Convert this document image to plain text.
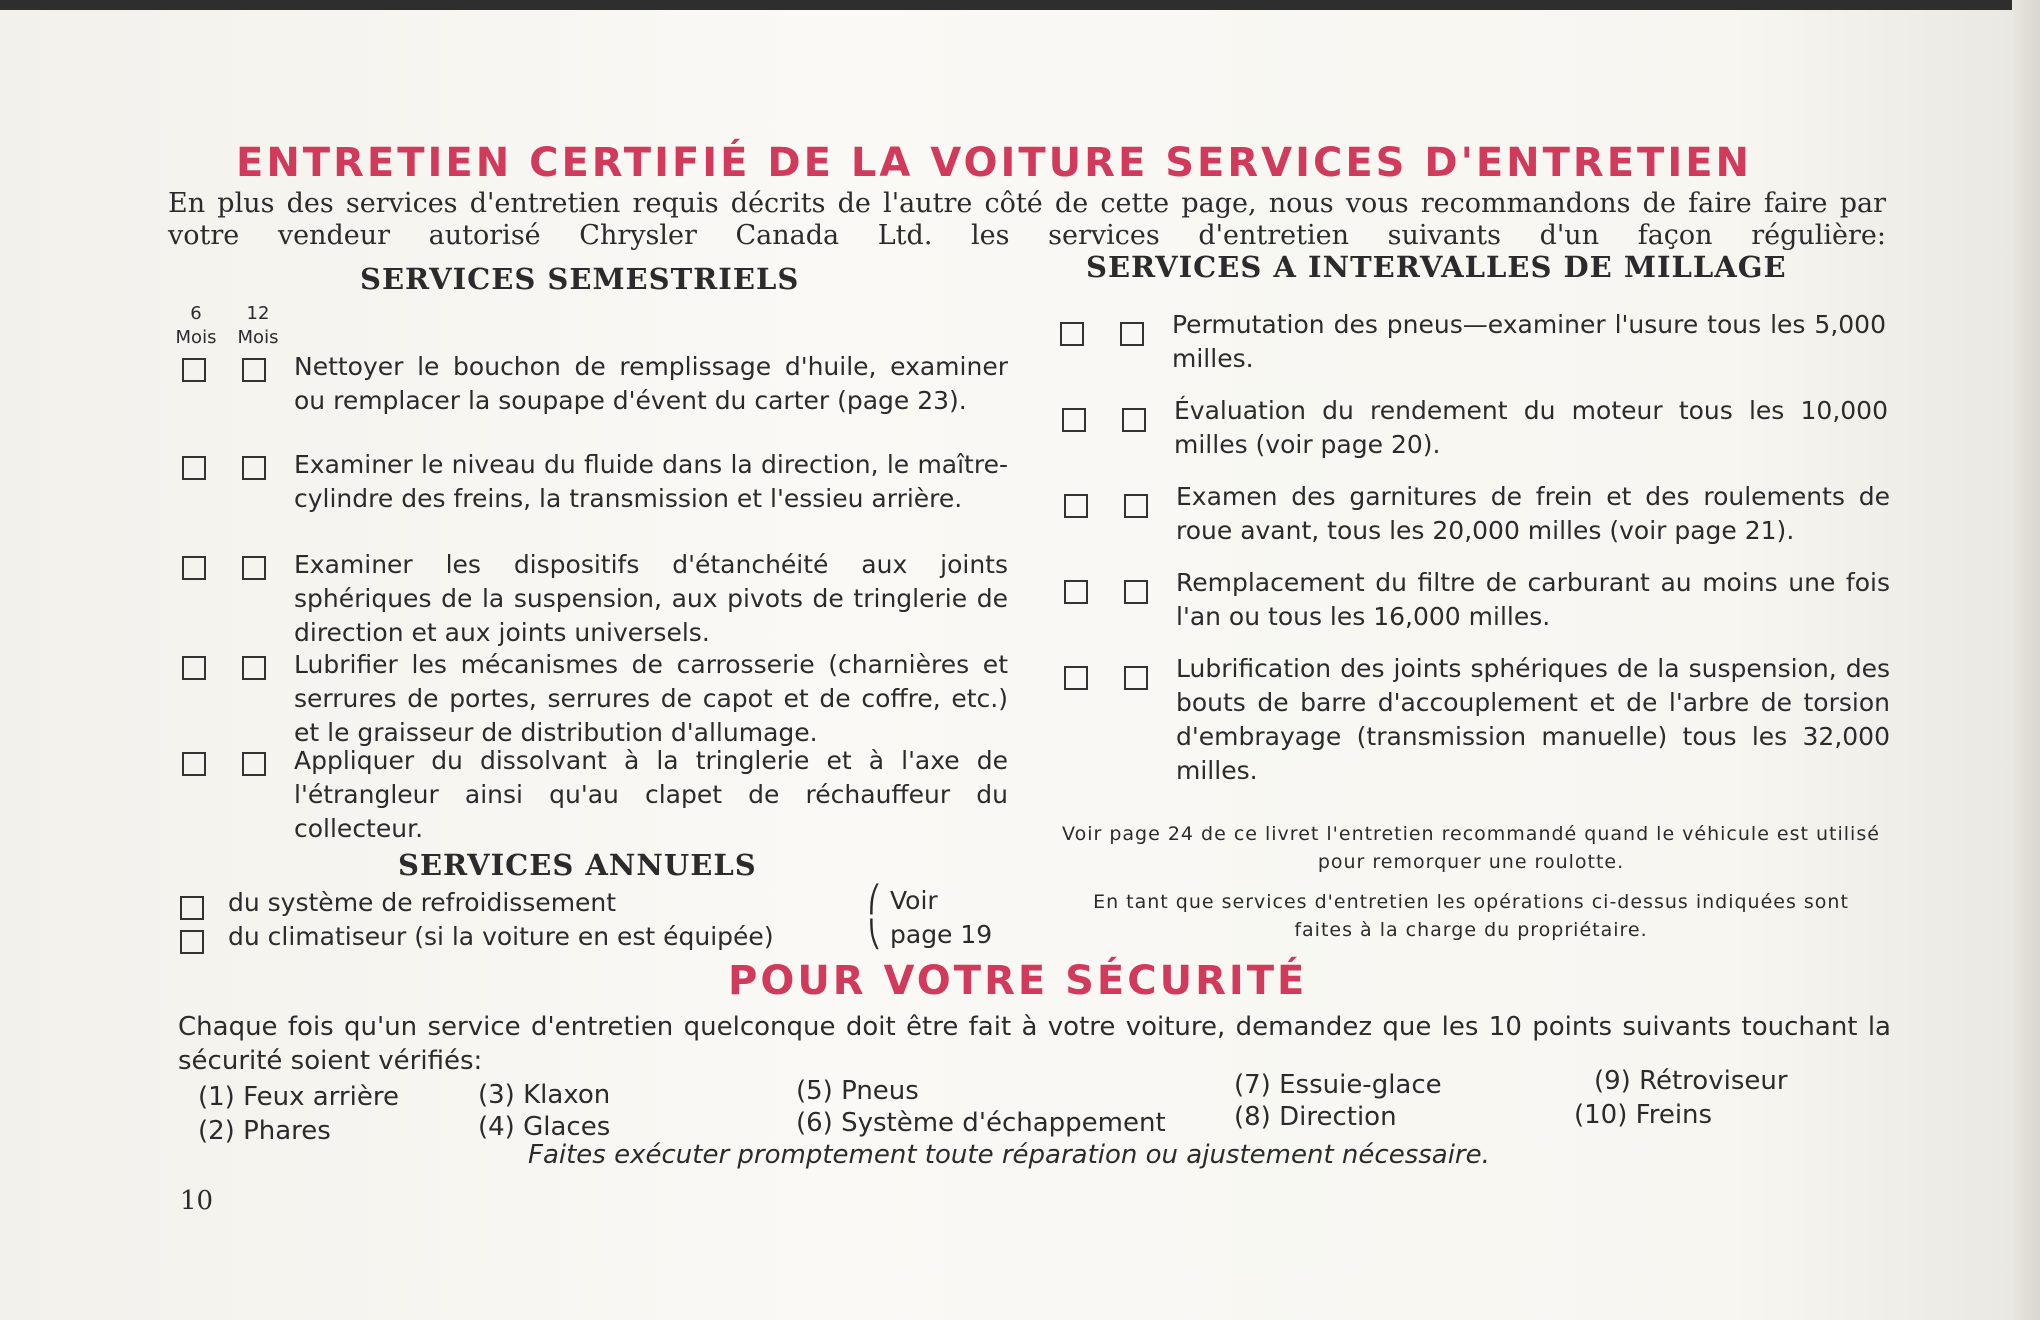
ENTRETIEN CERTIFIÉ DE LA VOITURE SERVICES D'ENTRETIEN
En plus des services d'entretien requis décrits de l'autre côté de cette page, nous vous recommandons de faire faire par votre vendeur autorisé Chrysler Canada Ltd. les services d'entretien suivants d'un façon régulière:
SERVICES SEMESTRIELS
6
Mois
12
Mois
Nettoyer le bouchon de remplissage d'huile, examiner ou remplacer la soupape d'évent du carter (page 23).
Examiner le niveau du fluide dans la direction, le maître-cylindre des freins, la transmission et l'essieu arrière.
Examiner les dispositifs d'étanchéité aux joints sphériques de la suspension, aux pivots de tringlerie de direction et aux joints universels.
Lubrifier les mécanismes de carrosserie (charnières et serrures de portes, serrures de capot et de coffre, etc.) et le graisseur de distribution d'allumage.
Appliquer du dissolvant à la tringlerie et à l'axe de l'étrangleur ainsi qu'au clapet de réchauffeur du collecteur.
SERVICES ANNUELS
du système de refroidissement
du climatiseur (si la voiture en est équipée)
⎛
⎝
Voir
page 19
SERVICES A INTERVALLES DE MILLAGE
Permutation des pneus—examiner l'usure tous les 5,000 milles.
Évaluation du rendement du moteur tous les 10,000 milles (voir page 20).
Examen des garnitures de frein et des roulements de roue avant, tous les 20,000 milles (voir page 21).
Remplacement du filtre de carburant au moins une fois l'an ou tous les 16,000 milles.
Lubrification des joints sphériques de la suspension, des bouts de barre d'accouplement et de l'arbre de torsion d'embrayage (transmission manuelle) tous les 32,000 milles.
Voir page 24 de ce livret l'entretien recommandé quand le véhicule est utilisé pour remorquer une roulotte.
En tant que services d'entretien les opérations ci-dessus indiquées sont faites à la charge du propriétaire.
POUR VOTRE SÉCURITÉ
Chaque fois qu'un service d'entretien quelconque doit être fait à votre voiture, demandez que les 10 points suivants touchant la sécurité soient vérifiés:
(1) Feux arrière
(2) Phares
(3) Klaxon
(4) Glaces
(5) Pneus
(6) Système d'échappement
(7) Essuie-glace
(8) Direction
(9) Rétroviseur
(10) Freins
Faites exécuter promptement toute réparation ou ajustement nécessaire.
10
